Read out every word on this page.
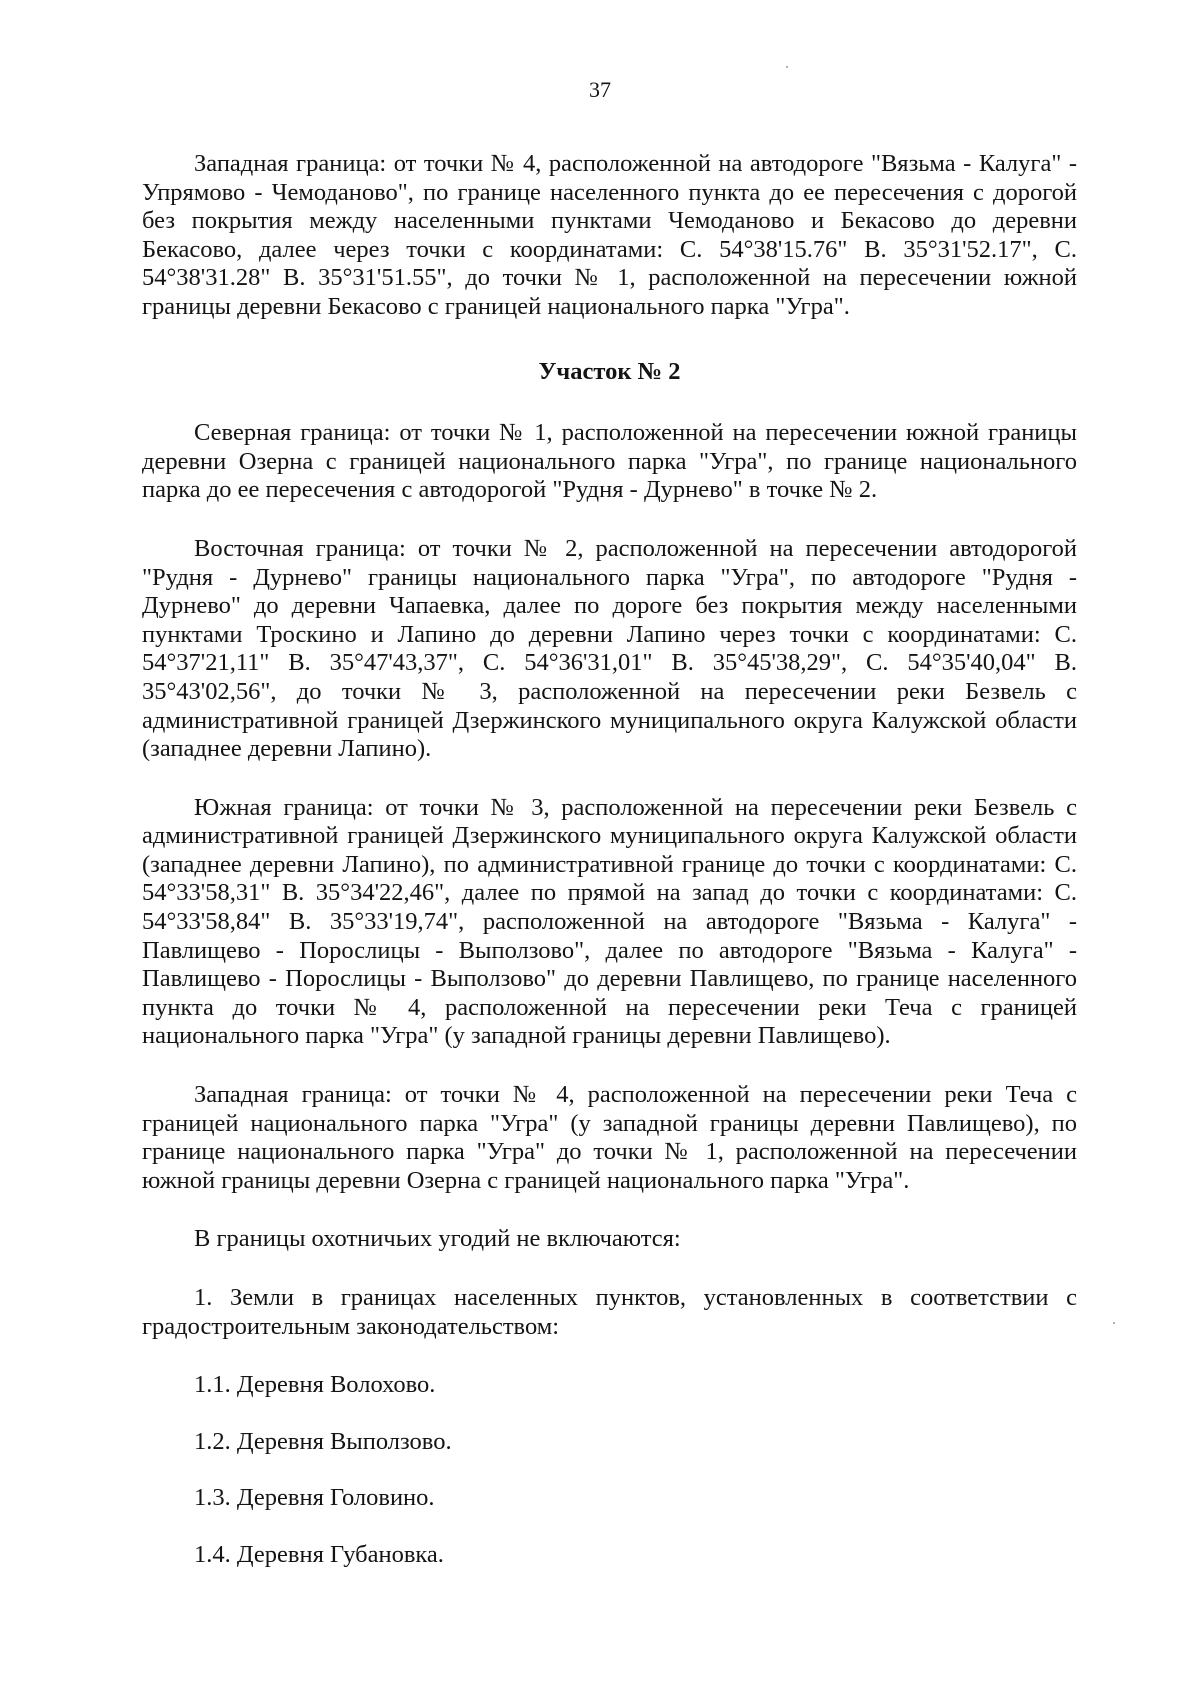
37

Западная граница: от точки № 4, расположенной на автодороге "Вязьма - Калуга" - Упрямово - Чемоданово", по границе населенного пункта до ее пересечения с дорогой без покрытия между населенными пунктами Чемоданово и Бекасово до деревни Бекасово, далее через точки с координатами: С. 54°38'15.76" В. 35°31'52.17", С. 54°38'31.28" В. 35°31'51.55", до точки № 1, расположенной на пересечении южной границы деревни Бекасово с границей национального парка "Угра".

Участок № 2

Северная граница: от точки № 1, расположенной на пересечении южной границы деревни Озерна с границей национального парка "Угра", по границе национального парка до ее пересечения с автодорогой "Рудня - Дурнево" в точке № 2.

Восточная граница: от точки № 2, расположенной на пересечении автодорогой "Рудня - Дурнево" границы национального парка "Угра", по автодороге "Рудня - Дурнево" до деревни Чапаевка, далее по дороге без покрытия между населенными пунктами Троскино и Лапино до деревни Лапино через точки с координатами: С. 54°37'21,11" В. 35°47'43,37", С. 54°36'31,01" В. 35°45'38,29", С. 54°35'40,04" В. 35°43'02,56", до точки № 3, расположенной на пересечении реки Безвель с административной границей Дзержинского муниципального округа Калужской области (западнее деревни Лапино).

Южная граница: от точки № 3, расположенной на пересечении реки Безвель с административной границей Дзержинского муниципального округа Калужской области (западнее деревни Лапино), по административной границе до точки с координатами: С. 54°33'58,31" В. 35°34'22,46", далее по прямой на запад до точки с координатами: С. 54°33'58,84" В. 35°33'19,74", расположенной на автодороге "Вязьма - Калуга" - Павлищево - Порослицы - Выползово", далее по автодороге "Вязьма - Калуга" - Павлищево - Порослицы - Выползово" до деревни Павлищево, по границе населенного пункта до точки № 4, расположенной на пересечении реки Теча с границей национального парка "Угра" (у западной границы деревни Павлищево).

Западная граница: от точки № 4, расположенной на пересечении реки Теча с границей национального парка "Угра" (у западной границы деревни Павлищево), по границе национального парка "Угра" до точки № 1, расположенной на пересечении южной границы деревни Озерна с границей национального парка "Угра".

В границы охотничьих угодий не включаются:

1. Земли в границах населенных пунктов, установленных в соответствии с градостроительным законодательством:

1.1. Деревня Волохово.

1.2. Деревня Выползово.

1.3. Деревня Головино.

1.4. Деревня Губановка.
